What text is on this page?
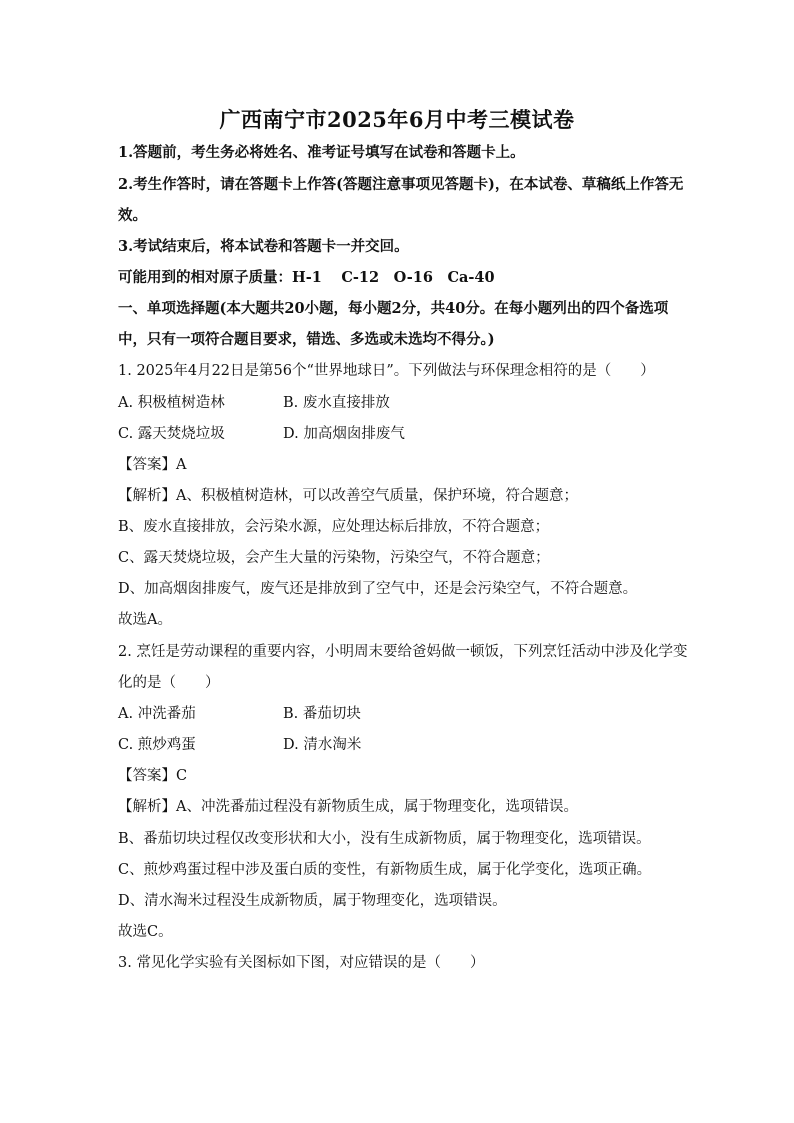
广西南宁市2025年6月中考三模试卷
1.答题前，考生务必将姓名、准考证号填写在试卷和答题卡上。
2.考生作答时，请在答题卡上作答(答题注意事项见答题卡)，在本试卷、草稿纸上作答无
效。
3.考试结束后，将本试卷和答题卡一并交回。
可能用到的相对原子质量：H-1　 C-12　O-16　Ca-40
一、单项选择题(本大题共20小题，每小题2分，共40分。在每小题列出的四个备选项
中，只有一项符合题目要求，错选、多选或未选均不得分。)
1. 2025年4月22日是第56个“世界地球日”。下列做法与环保理念相符的是（　　）
A. 积极植树造林	B. 废水直接排放
C. 露天焚烧垃圾	D. 加高烟囱排废气
【答案】A
【解析】A、积极植树造林，可以改善空气质量，保护环境，符合题意；
B、废水直接排放，会污染水源，应处理达标后排放，不符合题意；
C、露天焚烧垃圾，会产生大量的污染物，污染空气，不符合题意；
D、加高烟囱排废气，废气还是排放到了空气中，还是会污染空气，不符合题意。
故选A。
2. 烹饪是劳动课程的重要内容，小明周末要给爸妈做一顿饭，下列烹饪活动中涉及化学变
化的是（　　）
A. 冲洗番茄	B. 番茄切块
C. 煎炒鸡蛋	D. 清水淘米
【答案】C
【解析】A、冲洗番茄过程没有新物质生成，属于物理变化，选项错误。
B、番茄切块过程仅改变形状和大小，没有生成新物质，属于物理变化，选项错误。
C、煎炒鸡蛋过程中涉及蛋白质的变性，有新物质生成，属于化学变化，选项正确。
D、清水淘米过程没生成新物质，属于物理变化，选项错误。
故选C。
3. 常见化学实验有关图标如下图，对应错误的是（　　）
